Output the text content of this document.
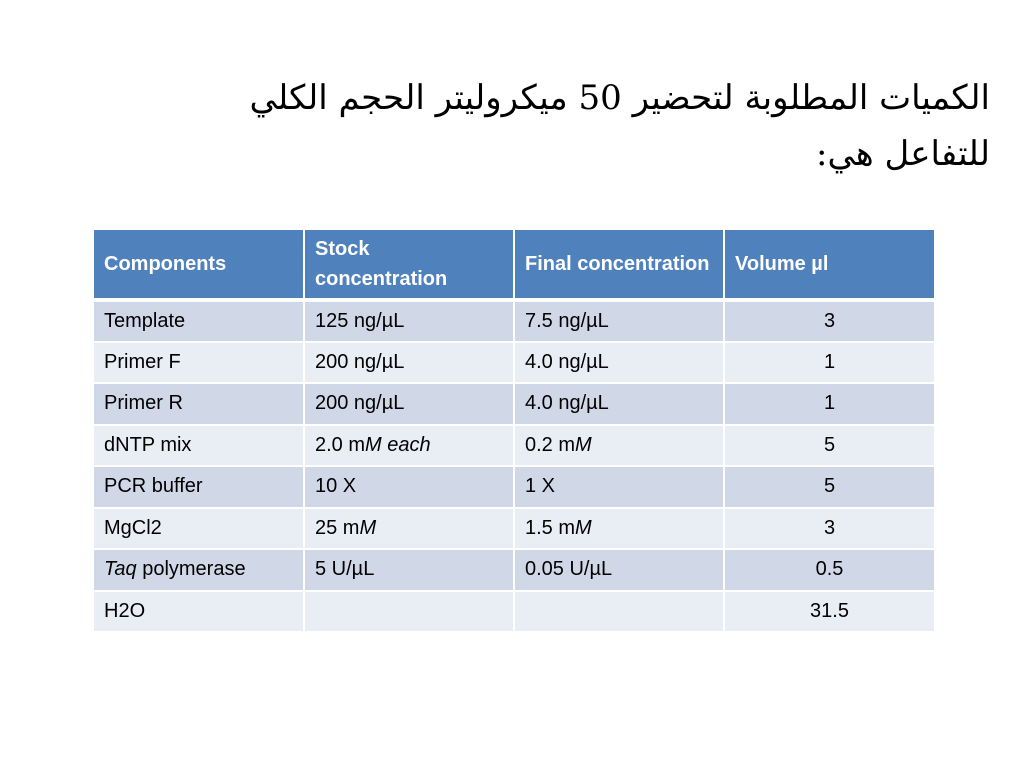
الكميات المطلوبة لتحضير 50 ميكروليتر الحجم الكلي
للتفاعل هي:
Components	Stock concentration	Final concentration	Volume µl
Template	125 ng/µL	7.5 ng/µL	3
Primer F	200 ng/µL	4.0 ng/µL	1
Primer R	200 ng/µL	4.0 ng/µL	1
dNTP mix	2.0 mM each	0.2 mM	5
PCR buffer	10 X	1 X	5
MgCl2	25 mM	1.5 mM	3
Taq polymerase	5 U/µL	0.05 U/µL	0.5
H2O			31.5
